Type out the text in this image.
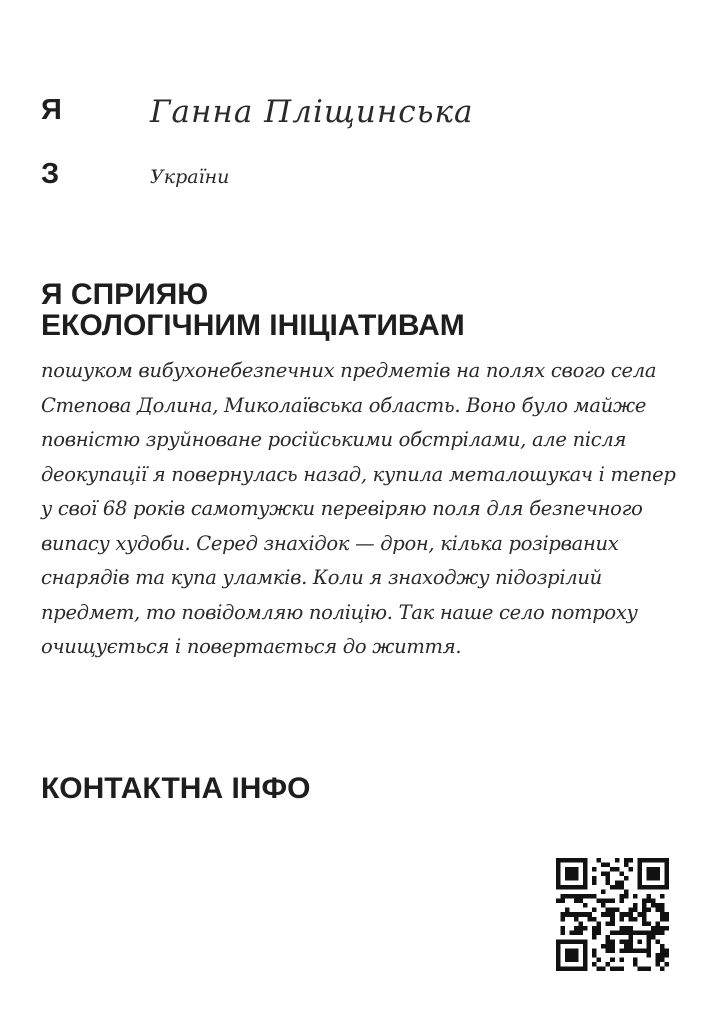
Я	Ганна Пліщинська
З	України
Я СПРИЯЮ
ЕКОЛОГІЧНИМ ІНІЦІАТИВАМ

пошуком вибухонебезпечних предметів на полях свого села Степова Долина, Миколаївська область. Воно було майже повністю зруйноване російськими обстрілами, але після деокупації я повернулась назад, купила металошукач і тепер у свої 68 років самотужки перевіряю поля для безпечного випасу худоби. Серед знахідок — дрон, кілька розірваних снарядів та купа уламків. Коли я знаходжу підозрілий предмет, то повідомляю поліцію. Так наше село потроху очищується і повертається до життя.

КОНТАКТНА ІНФО
